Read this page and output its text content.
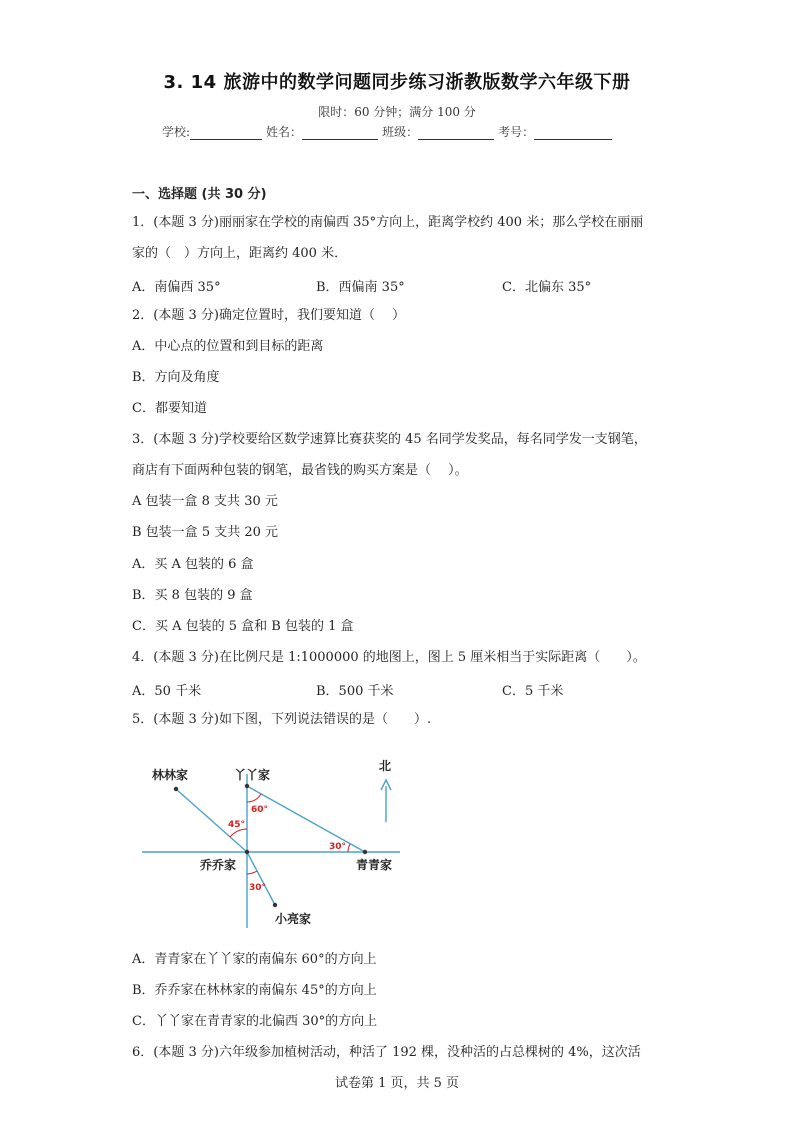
3. 14 旅游中的数学问题同步练习浙教版数学六年级下册
限时：60 分钟；满分 100 分
学校:	姓名：	班级：	考号：
一、选择题 (共 30 分)
1．(本题 3 分)丽丽家在学校的南偏西 35°方向上，距离学校约 400 米；那么学校在丽丽
家的（　）方向上，距离约 400 米．
A．南偏西 35°	B．西偏南 35°	C．北偏东 35°
2．(本题 3 分)确定位置时，我们要知道（　 ）
A．中心点的位置和到目标的距离
B．方向及角度
C．都要知道
3．(本题 3 分)学校要给区数学速算比赛获奖的 45 名同学发奖品，每名同学发一支钢笔，
商店有下面两种包装的钢笔，最省钱的购买方案是（　 ）。
A 包装一盒 8 支共 30 元
B 包装一盒 5 支共 20 元
A．买 A 包装的 6 盒
B．买 8 包装的 9 盒
C．买 A 包装的 5 盒和 B 包装的 1 盒
4．(本题 3 分)在比例尺是 1:1000000 的地图上，图上 5 厘米相当于实际距离（　　）。
A．50 千米	B．500 千米	C．5 千米
5．(本题 3 分)如下图，下列说法错误的是（　　）.
45°
60°
30°
30°
林林家	丫丫家
乔乔家	青青家
小亮家
北
A．青青家在丫丫家的南偏东 60°的方向上
B．乔乔家在林林家的南偏东 45°的方向上
C．丫丫家在青青家的北偏西 30°的方向上
6．(本题 3 分)六年级参加植树活动，种活了 192 棵，没种活的占总棵树的 4%，这次活
试卷第 1 页，共 5 页
